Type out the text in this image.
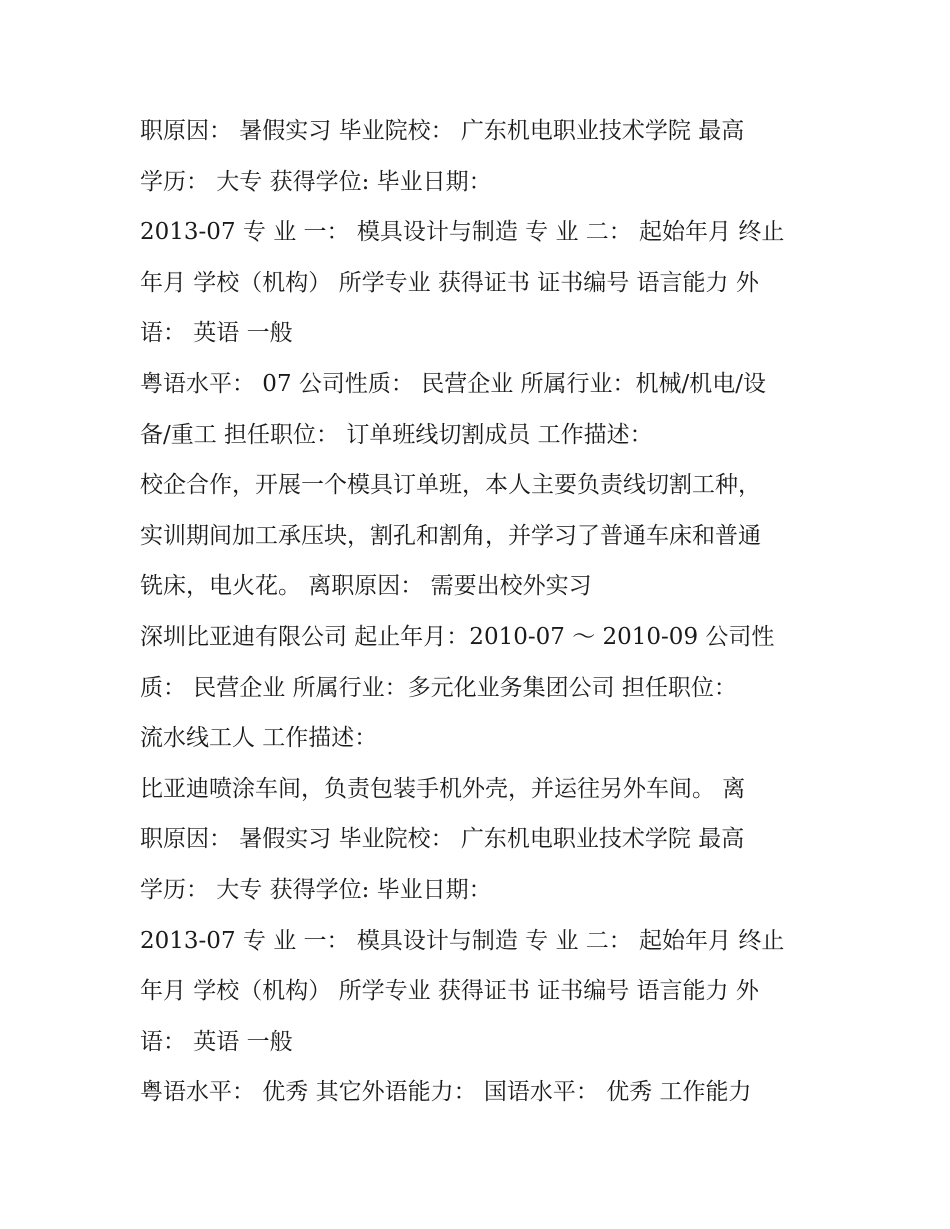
职原因： 暑假实习 毕业院校： 广东机电职业技术学院 最高
学历： 大专 获得学位: 毕业日期：
2013-07 专 业 一： 模具设计与制造 专 业 二： 起始年月 终止
年月 学校（机构） 所学专业 获得证书 证书编号 语言能力 外
语： 英语 一般
粤语水平： 07 公司性质： 民营企业 所属行业：机械/机电/设
备/重工 担任职位： 订单班线切割成员 工作描述：
校企合作，开展一个模具订单班，本人主要负责线切割工种，
实训期间加工承压块，割孔和割角，并学习了普通车床和普通
铣床，电火花。 离职原因： 需要出校外实习
深圳比亚迪有限公司 起止年月：2010-07 ～ 2010-09 公司性
质： 民营企业 所属行业：多元化业务集团公司 担任职位：
流水线工人 工作描述：
比亚迪喷涂车间，负责包装手机外壳，并运往另外车间。 离
职原因： 暑假实习 毕业院校： 广东机电职业技术学院 最高
学历： 大专 获得学位: 毕业日期：
2013-07 专 业 一： 模具设计与制造 专 业 二： 起始年月 终止
年月 学校（机构） 所学专业 获得证书 证书编号 语言能力 外
语： 英语 一般
粤语水平： 优秀 其它外语能力： 国语水平： 优秀 工作能力
